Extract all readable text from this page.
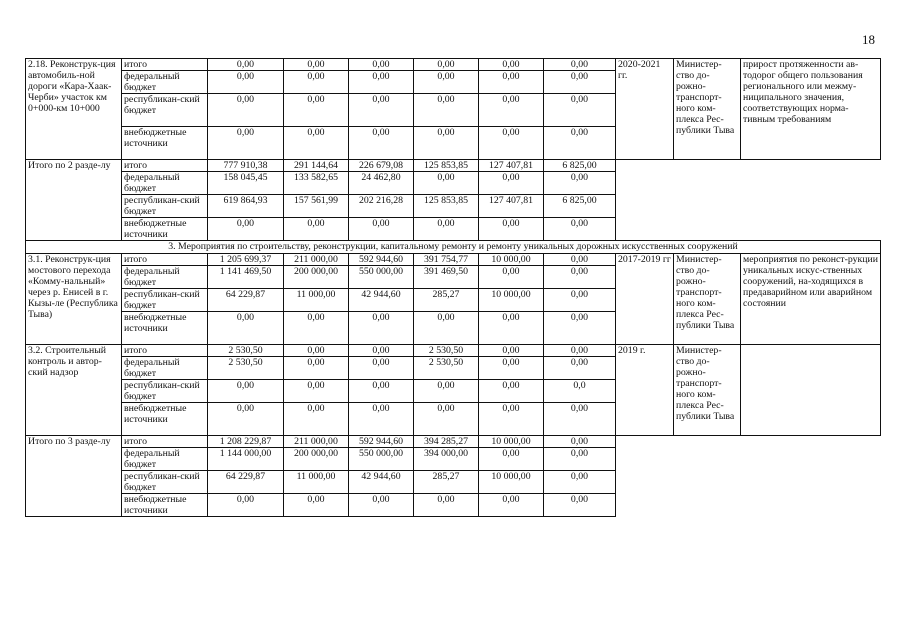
18
2.18. Реконструк-ция автомобиль-ной дороги «Кара-Хаак-Черби» участок км 0+000-км 10+000	итого	0,00	0,00	0,00	0,00	0,00	0,00	2020-2021 гг.	Министер-ство до-рожно-транспорт-ного ком-плекса Рес-публики Тыва	прирост протяженности ав-тодорог общего пользования регионального или межму-ниципального значения, соответствующих норма-тивным требованиям
	федеральный бюджет	0,00	0,00	0,00	0,00	0,00	0,00			
	республикан-ский бюджет	0,00	0,00	0,00	0,00	0,00	0,00			
	внебюджетные источники	0,00	0,00	0,00	0,00	0,00	0,00			
Итого по 2 разде-лу	итого	777 910,38	291 144,64	226 679,08	125 853,85	127 407,81	6 825,00			
	федеральный бюджет	158 045,45	133 582,65	24 462,80	0,00	0,00	0,00			
	республикан-ский бюджет	619 864,93	157 561,99	202 216,28	125 853,85	127 407,81	6 825,00			
	внебюджетные источники	0,00	0,00	0,00	0,00	0,00	0,00			
3. Мероприятия по строительству, реконструкции, капитальному ремонту и ремонту уникальных дорожных искусственных сооружений										
3.1. Реконструк-ция мостового перехода «Комму-нальный» через р. Енисей в г. Кызы-ле (Республика Тыва)	итого	1 205 699,37	211 000,00	592 944,60	391 754,77	10 000,00	0,00	2017-2019 гг	Министер-ство до-рожно-транспорт-ного ком-плекса Рес-публики Тыва	мероприятия по реконст-рукции уникальных искус-ственных сооружений, на-ходящихся в предаварийном или аварийном состоянии
	федеральный бюджет	1 141 469,50	200 000,00	550 000,00	391 469,50	0,00	0,00			
	республикан-ский бюджет	64 229,87	11 000,00	42 944,60	285,27	10 000,00	0,00			
	внебюджетные источники	0,00	0,00	0,00	0,00	0,00	0,00			
3.2. Строительный контроль и автор-ский надзор	итого	2 530,50	0,00	0,00	2 530,50	0,00	0,00	2019 г.	Министер-ство до-рожно-транспорт-ного ком-плекса Рес-публики Тыва	
	федеральный бюджет	2 530,50	0,00	0,00	2 530,50	0,00	0,00			
	республикан-ский бюджет	0,00	0,00	0,00	0,00	0,00	0,0			
	внебюджетные источники	0,00	0,00	0,00	0,00	0,00	0,00			
Итого по 3 разде-лу	итого	1 208 229,87	211 000,00	592 944,60	394 285,27	10 000,00	0,00			
	федеральный бюджет	1 144 000,00	200 000,00	550 000,00	394 000,00	0,00	0,00			
	республикан-ский бюджет	64 229,87	11 000,00	42 944,60	285,27	10 000,00	0,00			
	внебюджетные источники	0,00	0,00	0,00	0,00	0,00	0,00			
